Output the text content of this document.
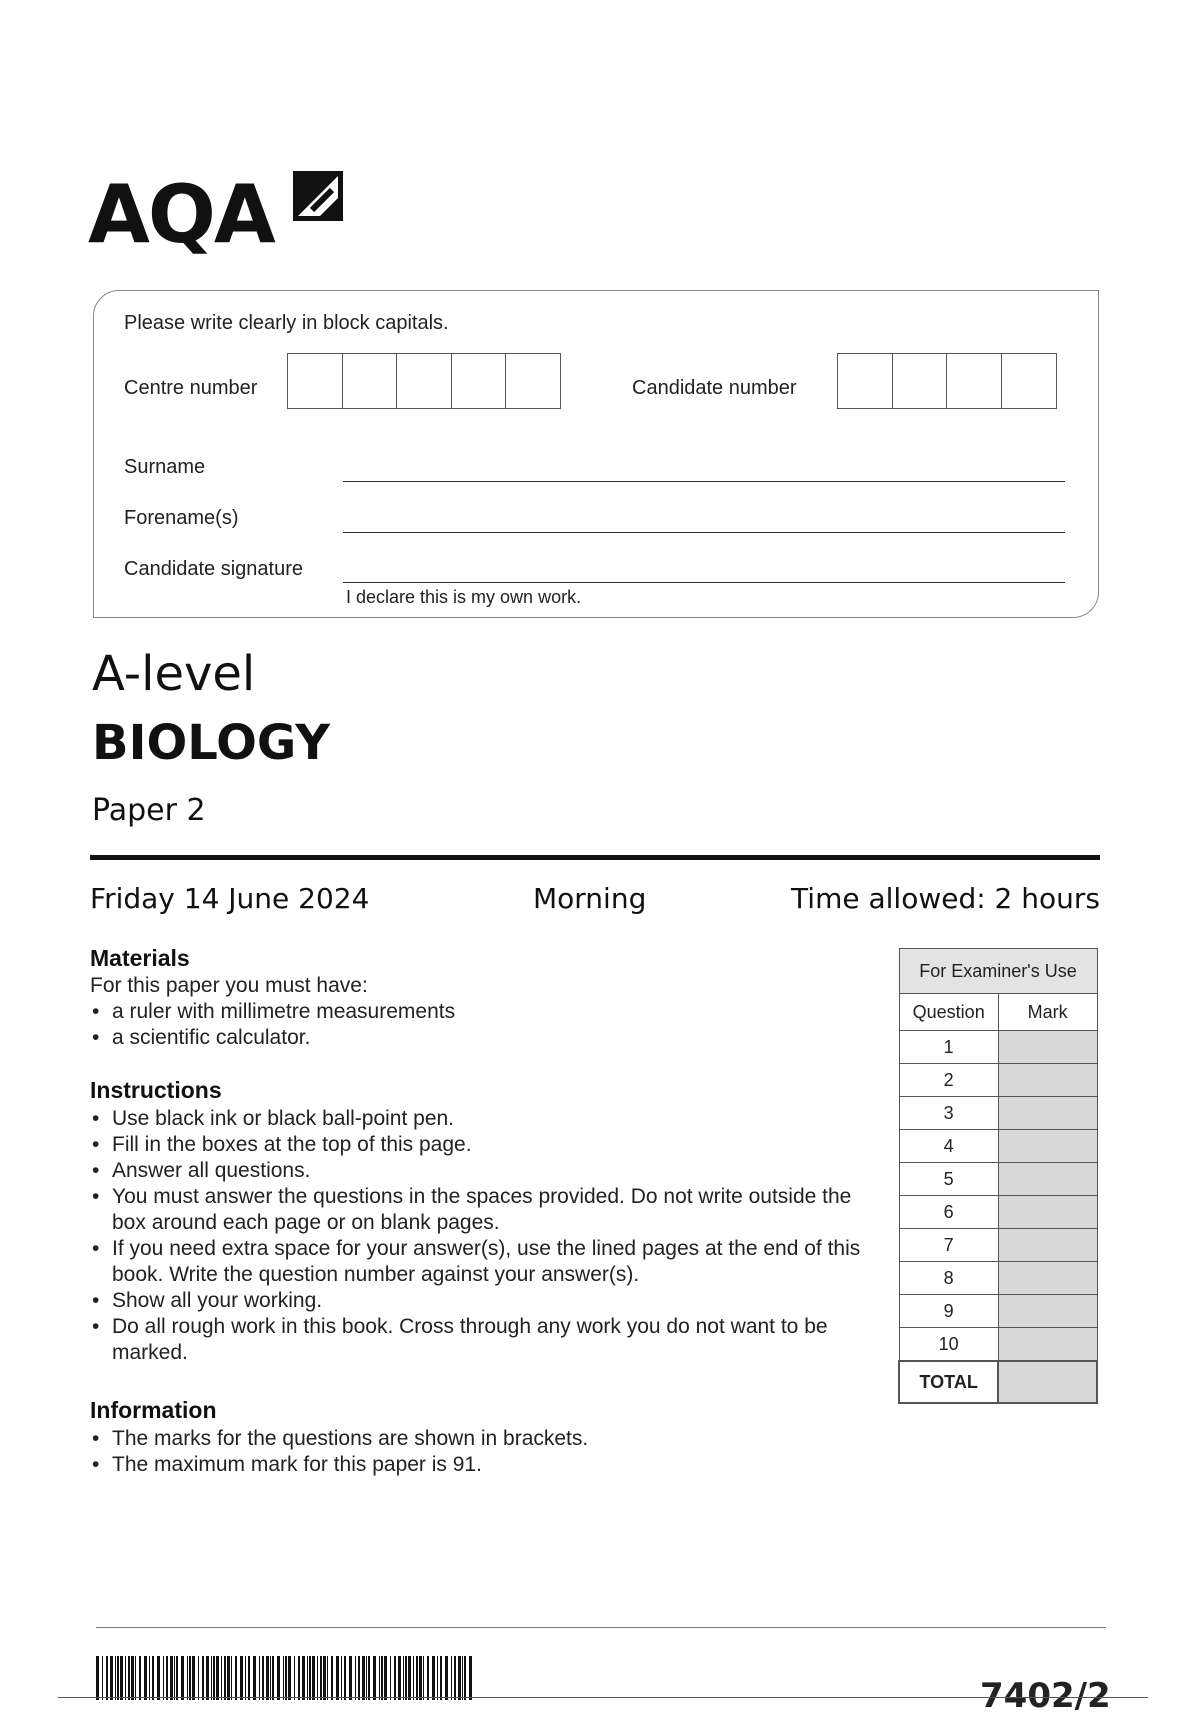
AQA
Please write clearly in block capitals.
Centre number	Candidate number
Surname
Forename(s)
Candidate signature
I declare this is my own work.
A-level
BIOLOGY
Paper 2
Friday 14 June 2024	Morning	Time allowed: 2 hours
Materials
For this paper you must have:
• a ruler with millimetre measurements
• a scientific calculator.
Instructions
• Use black ink or black ball-point pen.
• Fill in the boxes at the top of this page.
• Answer all questions.
• You must answer the questions in the spaces provided. Do not write outside the box around each page or on blank pages.
• If you need extra space for your answer(s), use the lined pages at the end of this book. Write the question number against your answer(s).
• Show all your working.
• Do all rough work in this book. Cross through any work you do not want to be marked.
Information
• The marks for the questions are shown in brackets.
• The maximum mark for this paper is 91.
For Examiner's Use	
Question	Mark
1	
2	
3	
4	
5	
6	
7	
8	
9	
10	
TOTAL	
7402/2
